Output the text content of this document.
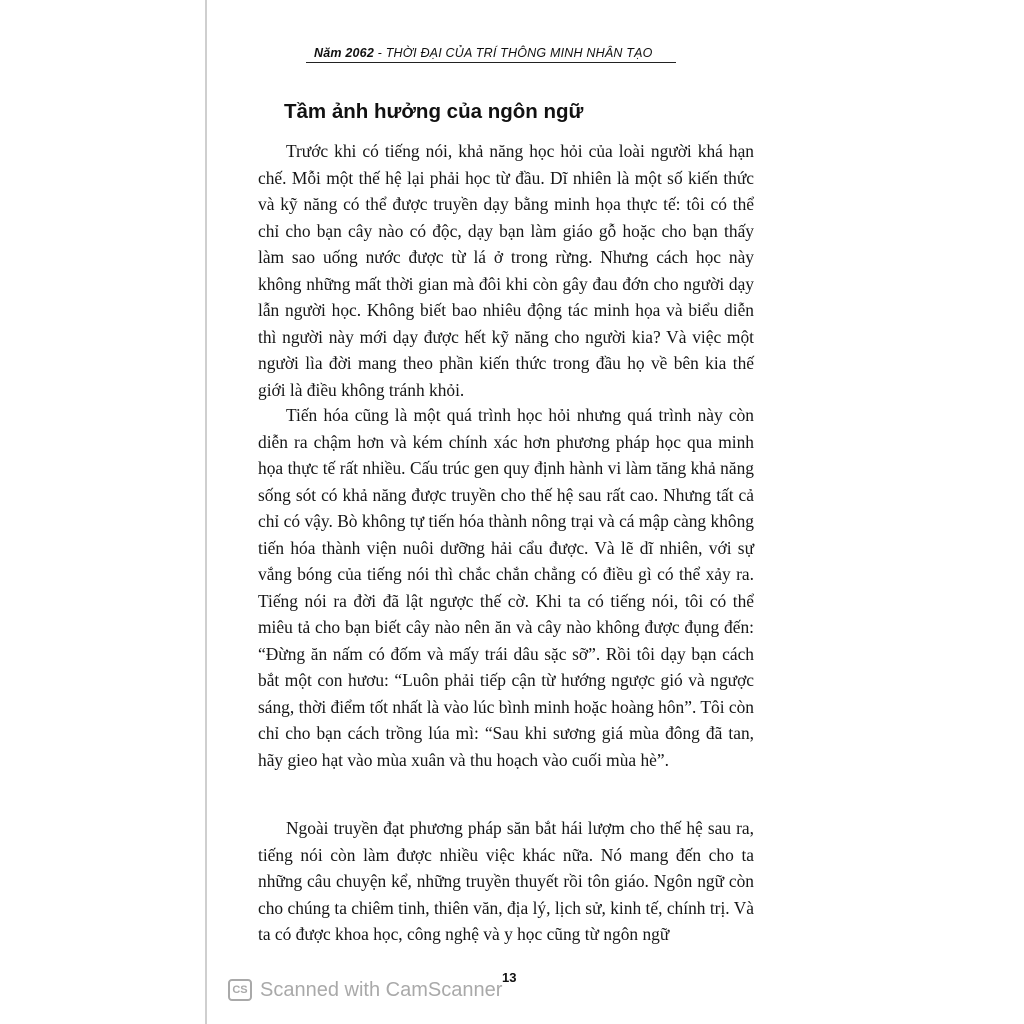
Năm 2062 - THỜI ĐẠI CỦA TRÍ THÔNG MINH NHÂN TẠO
Tầm ảnh hưởng của ngôn ngữ

Trước khi có tiếng nói, khả năng học hỏi của loài người khá hạn chế. Mỗi một thế hệ lại phải học từ đầu. Dĩ nhiên là một số kiến thức và kỹ năng có thể được truyền dạy bằng minh họa thực tế: tôi có thể chỉ cho bạn cây nào có độc, dạy bạn làm giáo gỗ hoặc cho bạn thấy làm sao uống nước được từ lá ở trong rừng. Nhưng cách học này không những mất thời gian mà đôi khi còn gây đau đớn cho người dạy lẫn người học. Không biết bao nhiêu động tác minh họa và biểu diễn thì người này mới dạy được hết kỹ năng cho người kia? Và việc một người lìa đời mang theo phần kiến thức trong đầu họ về bên kia thế giới là điều không tránh khỏi.

Tiến hóa cũng là một quá trình học hỏi nhưng quá trình này còn diễn ra chậm hơn và kém chính xác hơn phương pháp học qua minh họa thực tế rất nhiều. Cấu trúc gen quy định hành vi làm tăng khả năng sống sót có khả năng được truyền cho thế hệ sau rất cao. Nhưng tất cả chỉ có vậy. Bò không tự tiến hóa thành nông trại và cá mập càng không tiến hóa thành viện nuôi dưỡng hải cẩu được. Và lẽ dĩ nhiên, với sự vắng bóng của tiếng nói thì chắc chắn chẳng có điều gì có thể xảy ra. Tiếng nói ra đời đã lật ngược thế cờ. Khi ta có tiếng nói, tôi có thể miêu tả cho bạn biết cây nào nên ăn và cây nào không được đụng đến: “Đừng ăn nấm có đốm và mấy trái dâu sặc sỡ”. Rồi tôi dạy bạn cách bắt một con hươu: “Luôn phải tiếp cận từ hướng ngược gió và ngược sáng, thời điểm tốt nhất là vào lúc bình minh hoặc hoàng hôn”. Tôi còn chỉ cho bạn cách trồng lúa mì: “Sau khi sương giá mùa đông đã tan, hãy gieo hạt vào mùa xuân và thu hoạch vào cuối mùa hè”.

Ngoài truyền đạt phương pháp săn bắt hái lượm cho thế hệ sau ra, tiếng nói còn làm được nhiều việc khác nữa. Nó mang đến cho ta những câu chuyện kể, những truyền thuyết rồi tôn giáo. Ngôn ngữ còn cho chúng ta chiêm tinh, thiên văn, địa lý, lịch sử, kinh tế, chính trị. Và ta có được khoa học, công nghệ và y học cũng từ ngôn ngữ

13
CS Scanned with CamScanner
